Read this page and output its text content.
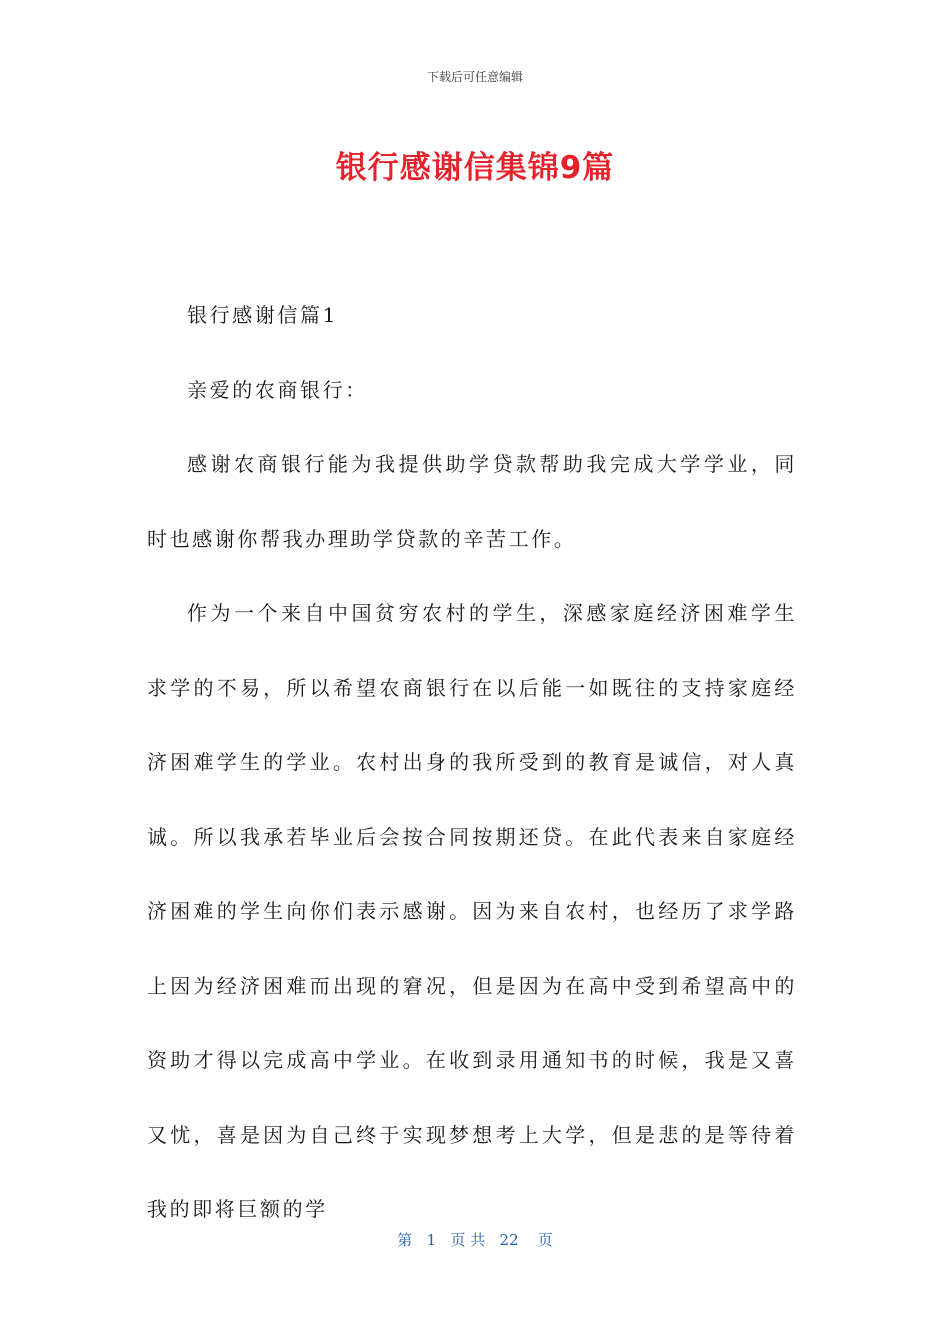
下载后可任意编辑
银行感谢信集锦9篇

银行感谢信篇1

亲爱的农商银行：

感谢农商银行能为我提供助学贷款帮助我完成大学学业，同时也感谢你帮我办理助学贷款的辛苦工作。

作为一个来自中国贫穷农村的学生，深感家庭经济困难学生求学的不易，所以希望农商银行在以后能一如既往的支持家庭经济困难学生的学业。农村出身的我所受到的教育是诚信，对人真诚。所以我承若毕业后会按合同按期还贷。在此代表来自家庭经济困难的学生向你们表示感谢。因为来自农村，也经历了求学路上因为经济困难而出现的窘况，但是因为在高中受到希望高中的资助才得以完成高中学业。在收到录用通知书的时候，我是又喜又忧，喜是因为自己终于实现梦想考上大学，但是悲的是等待着我的即将巨额的学

第 1 页 共 22 页
